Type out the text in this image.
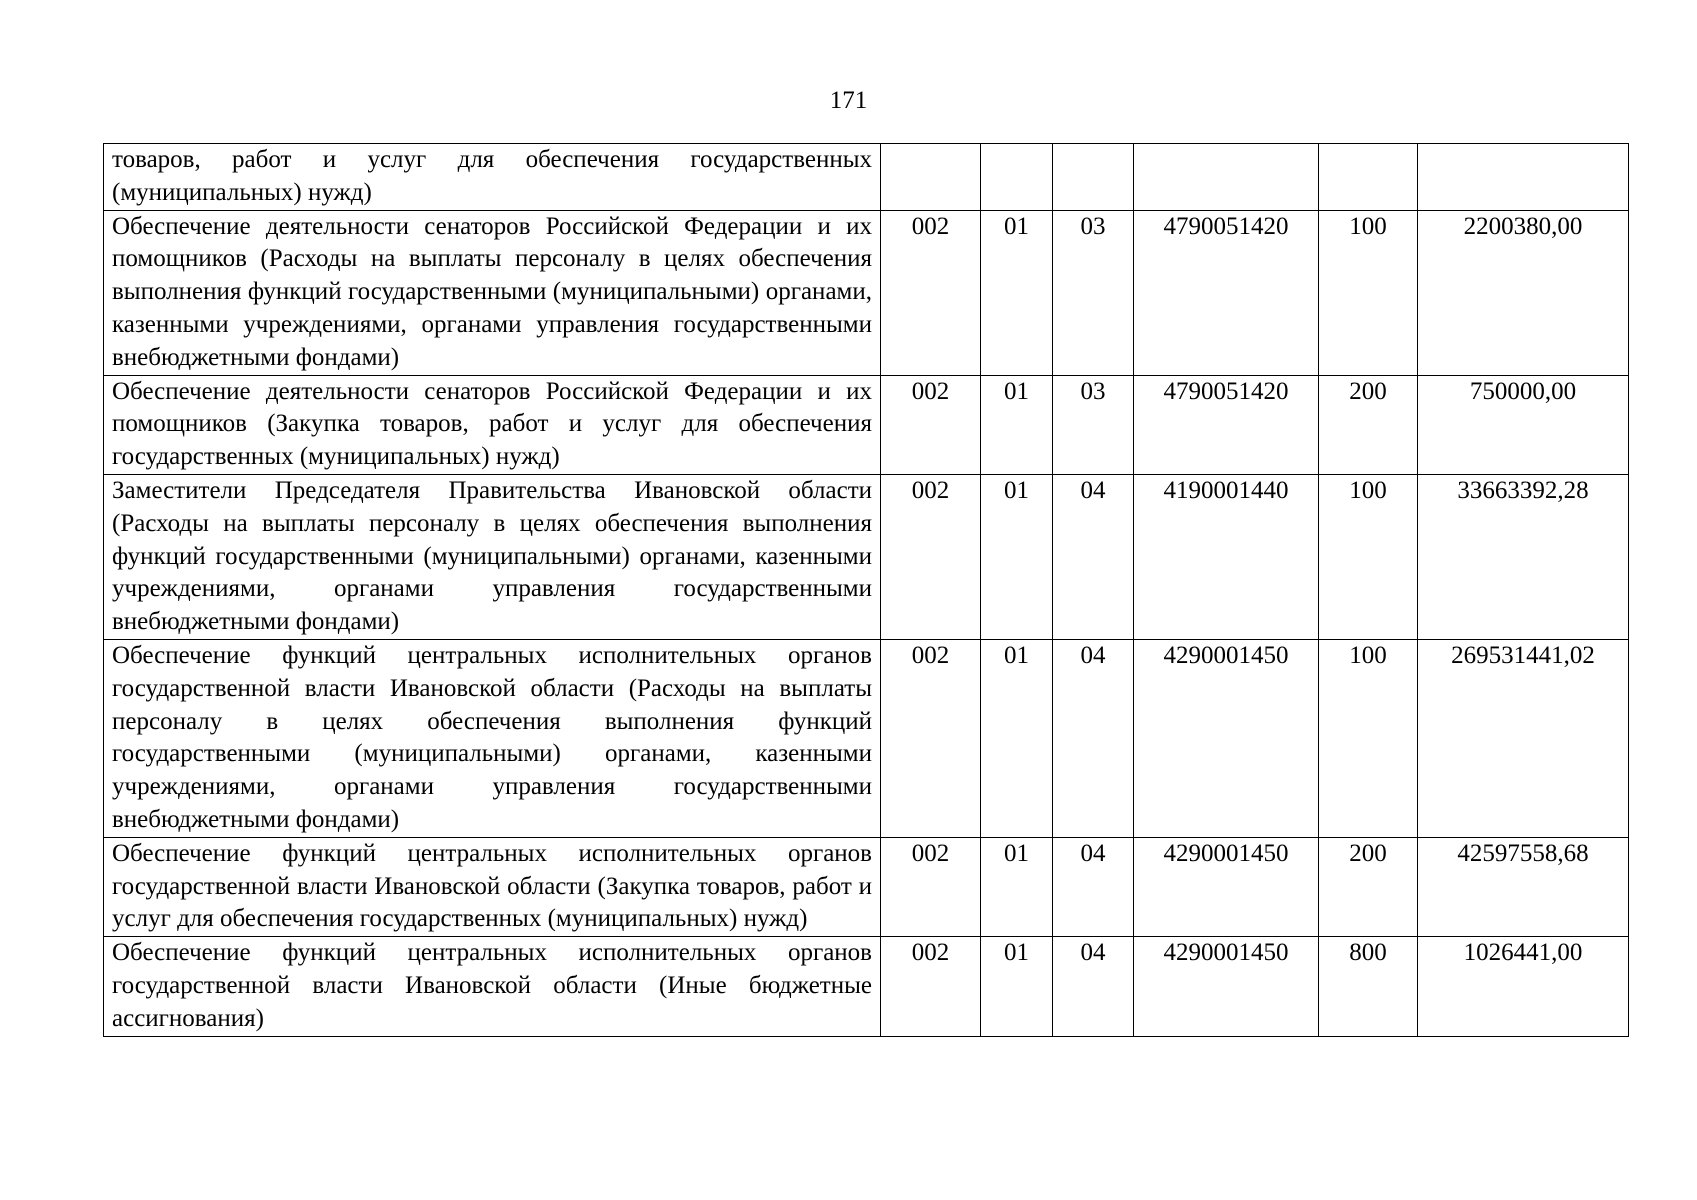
171
товаров, работ и услуг для обеспечения государственных (муниципальных) нужд)						
Обеспечение деятельности сенаторов Российской Федерации и их помощников (Расходы на выплаты персоналу в целях обеспечения выполнения функций государственными (муниципальными) органами, казенными учреждениями, органами управления государственными внебюджетными фондами)	002	01	03	4790051420	100	2200380,00
Обеспечение деятельности сенаторов Российской Федерации и их помощников (Закупка товаров, работ и услуг для обеспечения государственных (муниципальных) нужд)	002	01	03	4790051420	200	750000,00
Заместители Председателя Правительства Ивановской области (Расходы на выплаты персоналу в целях обеспечения выполнения функций государственными (муниципальными) органами, казенными учреждениями, органами управления государственными внебюджетными фондами)	002	01	04	4190001440	100	33663392,28
Обеспечение функций центральных исполнительных органов государственной власти Ивановской области (Расходы на выплаты персоналу в целях обеспечения выполнения функций государственными (муниципальными) органами, казенными учреждениями, органами управления государственными внебюджетными фондами)	002	01	04	4290001450	100	269531441,02
Обеспечение функций центральных исполнительных органов государственной власти Ивановской области (Закупка товаров, работ и услуг для обеспечения государственных (муниципальных) нужд)	002	01	04	4290001450	200	42597558,68
Обеспечение функций центральных исполнительных органов государственной власти Ивановской области (Иные бюджетные ассигнования)	002	01	04	4290001450	800	1026441,00
